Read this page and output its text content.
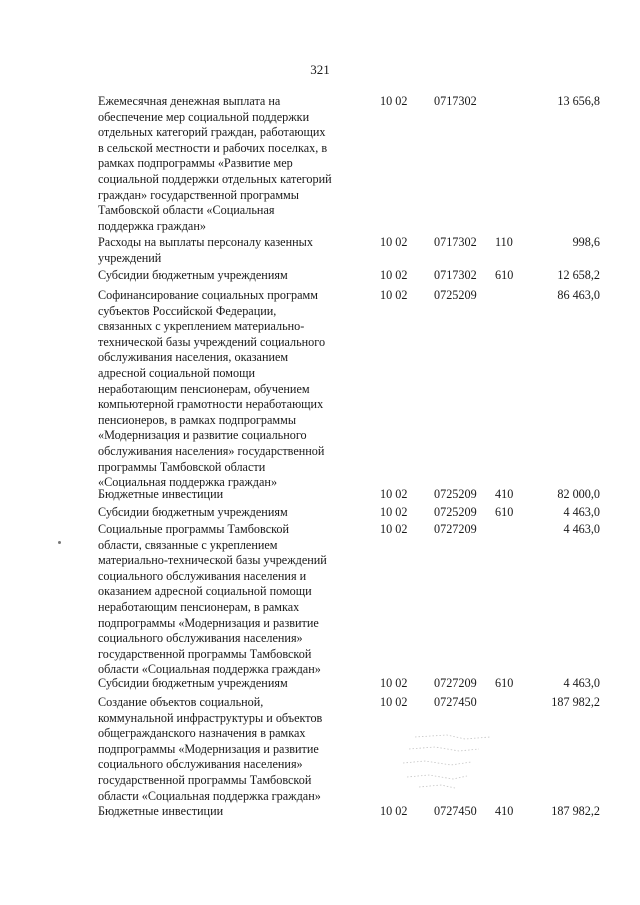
321
Ежемесячная денежная выплата на
обеспечение мер социальной поддержки
отдельных категорий граждан, работающих
в сельской местности и рабочих поселках, в
рамках подпрограммы «Развитие мер
социальной поддержки отдельных категорий
граждан» государственной программы
Тамбовской области «Социальная
поддержка граждан»
10 02 0717302	13 656,8
Расходы на выплаты персоналу казенных
учреждений
10 02 0717302 110	998,6
Субсидии бюджетным учреждениям	10 02 0717302 610	12 658,2
Софинансирование социальных программ
субъектов Российской Федерации,
связанных с укреплением материально-
технической базы учреждений социального
обслуживания населения, оказанием
адресной социальной помощи
неработающим пенсионерам, обучением
компьютерной грамотности неработающих
пенсионеров, в рамках подпрограммы
«Модернизация и развитие социального
обслуживания населения» государственной
программы Тамбовской области
«Социальная поддержка граждан»
10 02 0725209	86 463,0
Бюджетные инвестиции	10 02 0725209 410	82 000,0
Субсидии бюджетным учреждениям	10 02 0725209 610	4 463,0
Социальные программы Тамбовской
области, связанные с укреплением
материально-технической базы учреждений
социального обслуживания населения и
оказанием адресной социальной помощи
неработающим пенсионерам, в рамках
подпрограммы «Модернизация и развитие
социального обслуживания населения»
государственной программы Тамбовской
области «Социальная поддержка граждан»
10 02 0727209	4 463,0
Субсидии бюджетным учреждениям	10 02 0727209 610	4 463,0
Создание объектов социальной,
коммунальной инфраструктуры и объектов
общегражданского назначения в рамках
подпрограммы «Модернизация и развитие
социального обслуживания населения»
государственной программы Тамбовской
области «Социальная поддержка граждан»
10 02 0727450	187 982,2
Бюджетные инвестиции	10 02 0727450 410	187 982,2
